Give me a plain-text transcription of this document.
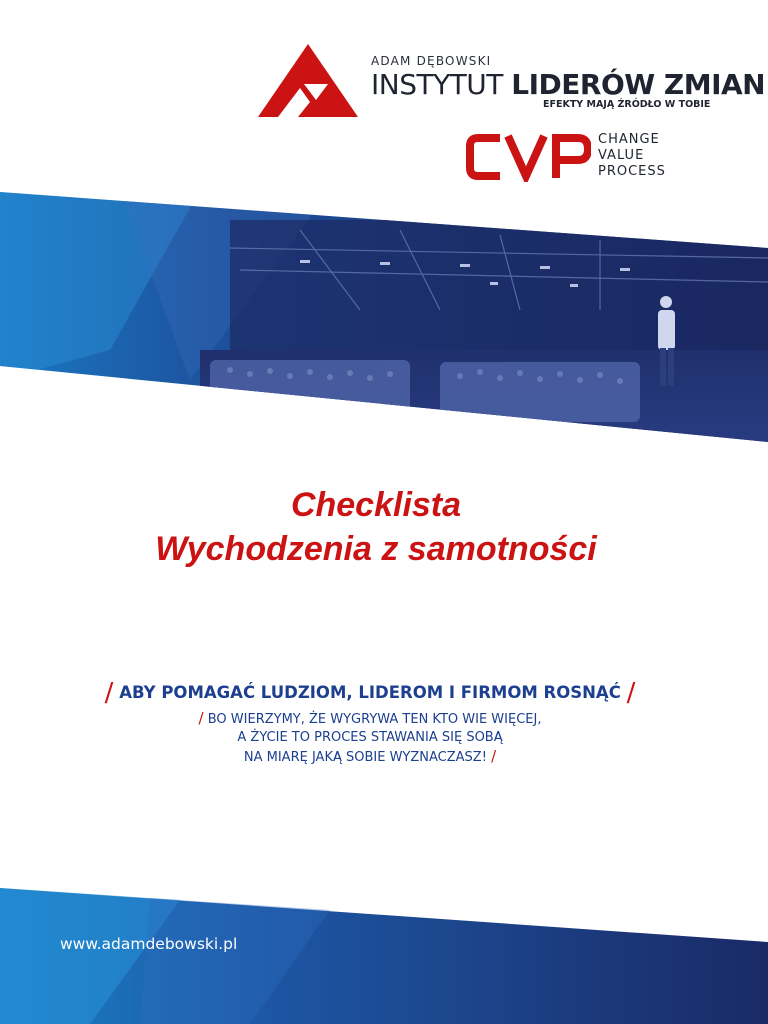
ADAM DĘBOWSKI
INSTYTUT LIDERÓW ZMIAN
EFEKTY MAJĄ ŹRÓDŁO W TOBIE
CHANGE
VALUE
PROCESS
Checklista
Wychodzenia z samotności
/ ABY POMAGAĆ LUDZIOM, LIDEROM I FIRMOM ROSNĄĆ /
/ BO WIERZYMY, ŻE WYGRYWA TEN KTO WIE WIĘCEJ,
A ŻYCIE TO PROCES STAWANIA SIĘ SOBĄ
NA MIARĘ JAKĄ SOBIE WYZNACZASZ! /
www.adamdebowski.pl
